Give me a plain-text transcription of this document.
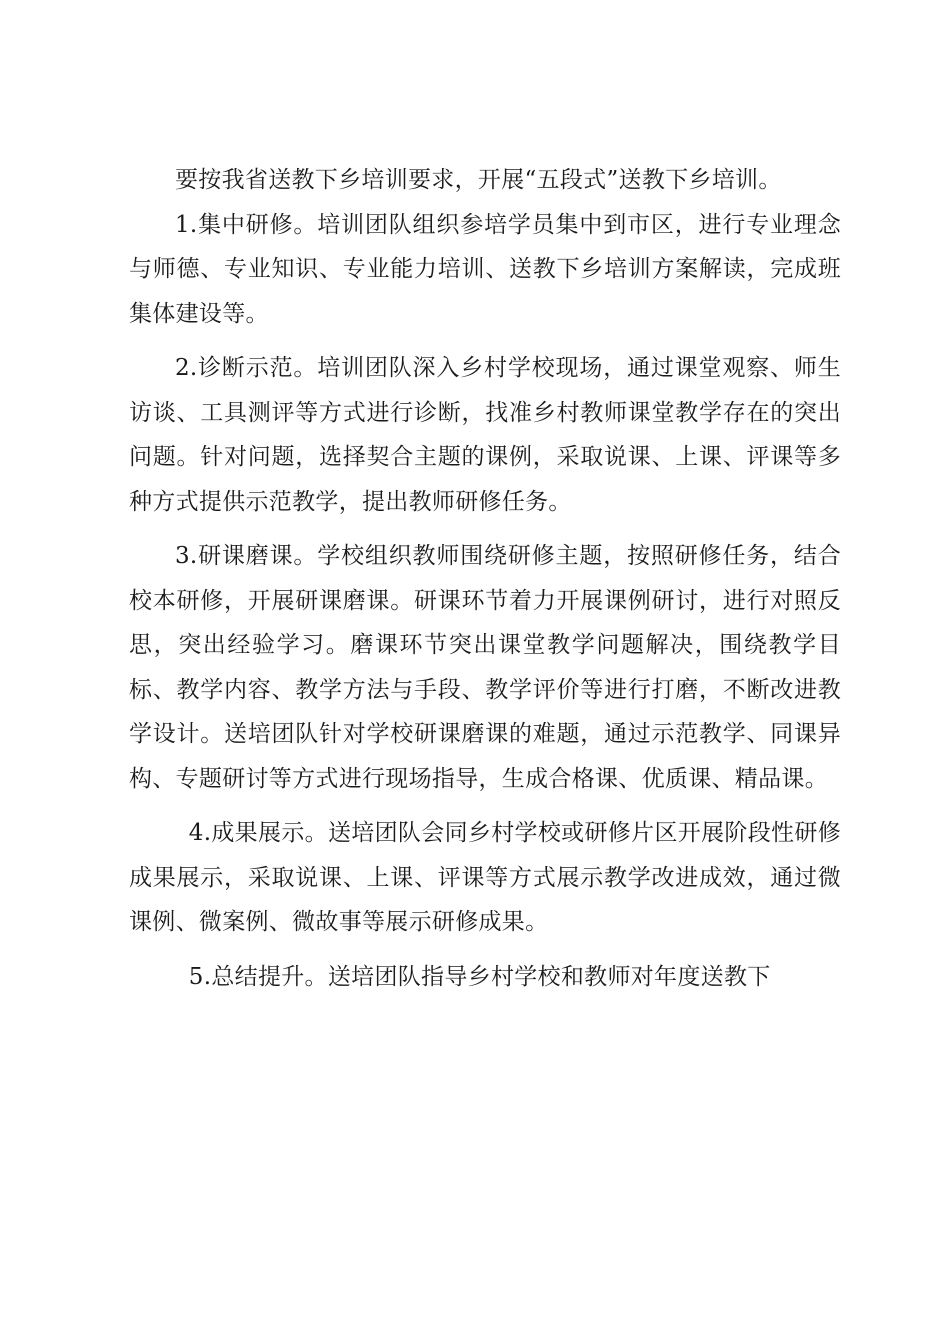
要按我省送教下乡培训要求，开展“五段式”送教下乡培训。

1.集中研修。培训团队组织参培学员集中到市区，进行专业理念与师德、专业知识、专业能力培训、送教下乡培训方案解读，完成班集体建设等。

2.诊断示范。培训团队深入乡村学校现场，通过课堂观察、师生访谈、工具测评等方式进行诊断，找准乡村教师课堂教学存在的突出问题。针对问题，选择契合主题的课例，采取说课、上课、评课等多种方式提供示范教学，提出教师研修任务。

3.研课磨课。学校组织教师围绕研修主题，按照研修任务，结合校本研修，开展研课磨课。研课环节着力开展课例研讨，进行对照反思，突出经验学习。磨课环节突出课堂教学问题解决，围绕教学目标、教学内容、教学方法与手段、教学评价等进行打磨，不断改进教学设计。送培团队针对学校研课磨课的难题，通过示范教学、同课异构、专题研讨等方式进行现场指导，生成合格课、优质课、精品课。

4.成果展示。送培团队会同乡村学校或研修片区开展阶段性研修成果展示，采取说课、上课、评课等方式展示教学改进成效，通过微课例、微案例、微故事等展示研修成果。

5.总结提升。送培团队指导乡村学校和教师对年度送教下
